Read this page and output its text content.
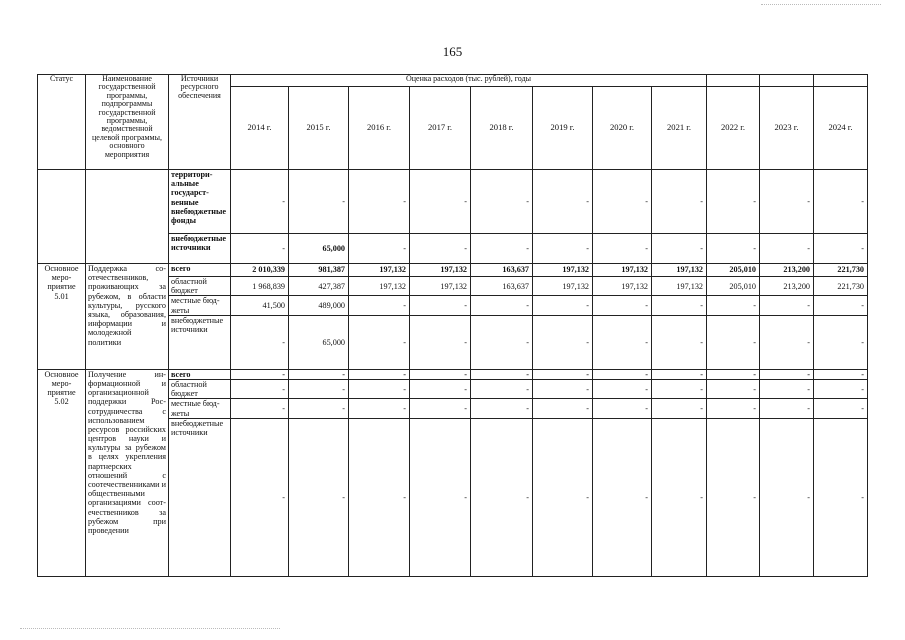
165
Статус	Наименование государственной программы, подпрограммы государственной программы, ведомственной целевой программы, основного мероприятия	Источники ресурсного обеспечения	Оценка расходов (тыс. рублей), годы										
			2014 г.	2015 г.	2016 г.	2017 г.	2018 г.	2019 г.	2020 г.	2021 г.	2022 г.	2023 г.	2024 г.
		территориальные государственные внебюджетные фонды	-	-	-	-	-	-	-	-	-	-	-
		внебюджетные источники	-	65,000	-	-	-	-	-	-	-	-	-
Основное мероприятие 5.01	Поддержка соотечественников, проживающих за рубежом, в области культуры, русского языка, образования, информации и молодежной политики	всего	2 010,339	981,387	197,132	197,132	163,637	197,132	197,132	197,132	205,010	213,200	221,730
		областной бюджет	1 968,839	427,387	197,132	197,132	163,637	197,132	197,132	197,132	205,010	213,200	221,730
		местные бюджеты	41,500	489,000	-	-	-	-	-	-	-	-	-
		внебюджетные источники	-	65,000	-	-	-	-	-	-	-	-	-
Основное мероприятие 5.02	Получение информационной и организационной поддержки Россотрудничества с использованием ресурсов российских центров науки и культуры за рубежом в целях укрепления партнерских отношений с соотечественниками и общественными организациями соотечественников за рубежом при проведении	всего	-	-	-	-	-	-	-	-	-	-	-
		областной бюджет	-	-	-	-	-	-	-	-	-	-	-
		местные бюджеты	-	-	-	-	-	-	-	-	-	-	-
		внебюджетные источники	-	-	-	-	-	-	-	-	-	-	-
